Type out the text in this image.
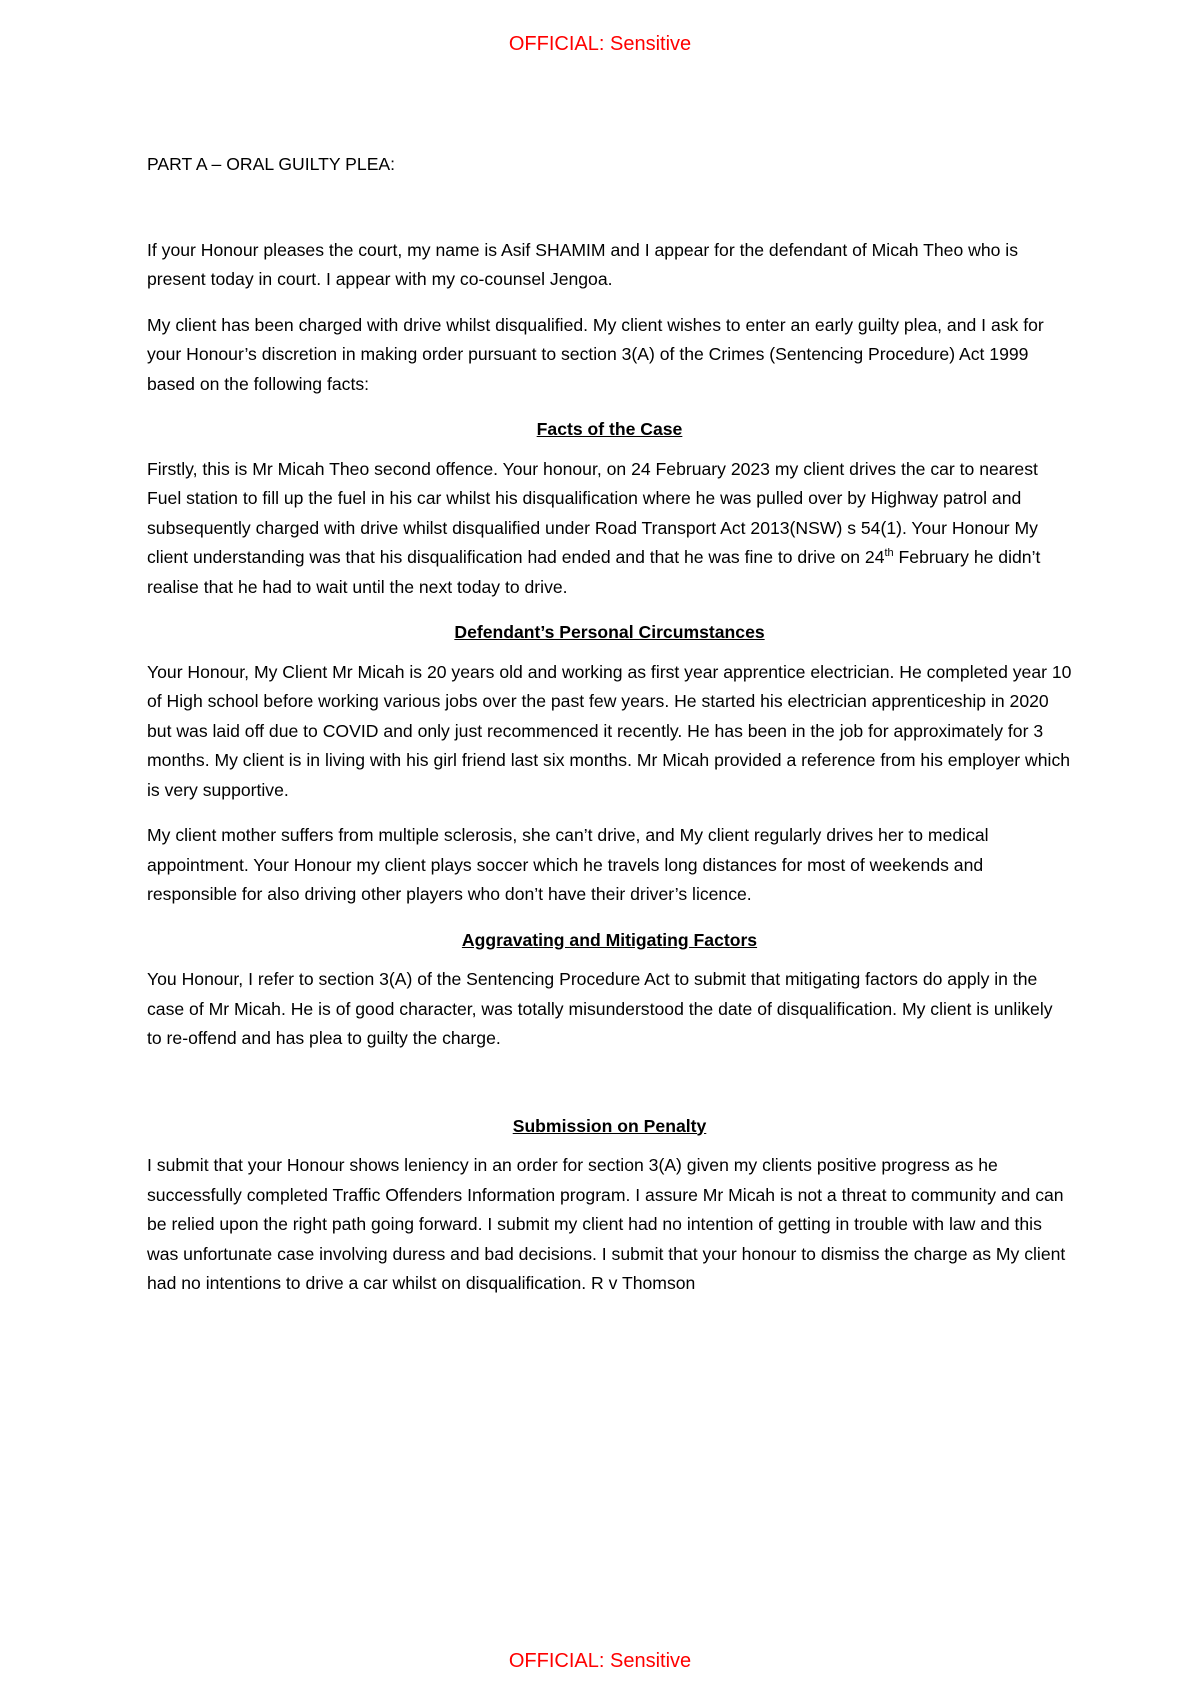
OFFICIAL: Sensitive
PART A – ORAL GUILTY PLEA:

If your Honour pleases the court, my name is Asif SHAMIM and I appear for the defendant of Micah Theo who is present today in court. I appear with my co-counsel Jengoa.

My client has been charged with drive whilst disqualified. My client wishes to enter an early guilty plea, and I ask for your Honour’s discretion in making order pursuant to section 3(A) of the Crimes (Sentencing Procedure) Act 1999 based on the following facts:

Facts of the Case

Firstly, this is Mr Micah Theo second offence. Your honour, on 24 February 2023 my client drives the car to nearest Fuel station to fill up the fuel in his car whilst his disqualification where he was pulled over by Highway patrol and subsequently charged with drive whilst disqualified under Road Transport Act 2013(NSW) s 54(1). Your Honour My client understanding was that his disqualification had ended and that he was fine to drive on 24th February he didn’t realise that he had to wait until the next today to drive.

Defendant’s Personal Circumstances

Your Honour, My Client Mr Micah is 20 years old and working as first year apprentice electrician. He completed year 10 of High school before working various jobs over the past few years. He started his electrician apprenticeship in 2020 but was laid off due to COVID and only just recommenced it recently. He has been in the job for approximately for 3 months. My client is in living with his girl friend last six months. Mr Micah provided a reference from his employer which is very supportive.

My client mother suffers from multiple sclerosis, she can’t drive, and My client regularly drives her to medical appointment. Your Honour my client plays soccer which he travels long distances for most of weekends and responsible for also driving other players who don’t have their driver’s licence.

Aggravating and Mitigating Factors

You Honour, I refer to section 3(A) of the Sentencing Procedure Act to submit that mitigating factors do apply in the case of Mr Micah. He is of good character, was totally misunderstood the date of disqualification. My client is unlikely to re-offend and has plea to guilty the charge.

Submission on Penalty

I submit that your Honour shows leniency in an order for section 3(A) given my clients positive progress as he successfully completed Traffic Offenders Information program. I assure Mr Micah is not a threat to community and can be relied upon the right path going forward. I submit my client had no intention of getting in trouble with law and this was unfortunate case involving duress and bad decisions. I submit that your honour to dismiss the charge as My client had no intentions to drive a car whilst on disqualification. R v Thomson

OFFICIAL: Sensitive
